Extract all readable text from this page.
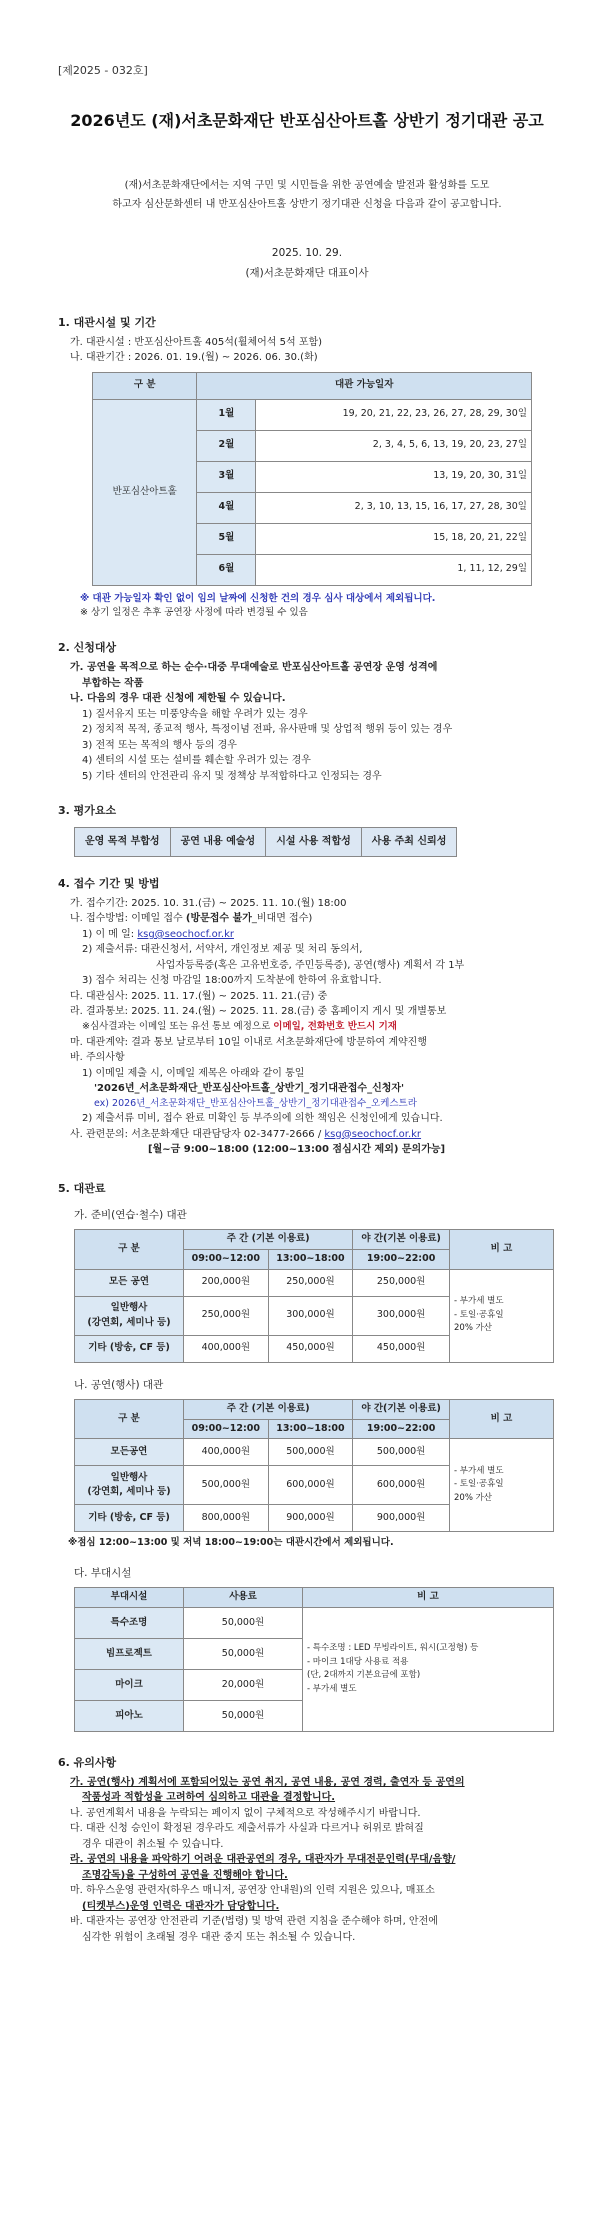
[제2025 - 032호]
2026년도 (재)서초문화재단 반포심산아트홀 상반기 정기대관 공고
(재)서초문화재단에서는 지역 구민 및 시민들을 위한 공연예술 발전과 활성화를 도모
하고자 심산문화센터 내 반포심산아트홀 상반기 정기대관 신청을 다음과 같이 공고합니다.
2025. 10. 29.
(재)서초문화재단 대표이사
1. 대관시설 및 기간

가. 대관시설 : 반포심산아트홀 405석(휠체어석 5석 포함)

나. 대관기간 : 2026. 01. 19.(월) ~ 2026. 06. 30.(화)

구 분	대관 가능일자	
반포심산아트홀	1월	19, 20, 21, 22, 23, 26, 27, 28, 29, 30일
	2월	2, 3, 4, 5, 6, 13, 19, 20, 23, 27일
	3월	13, 19, 20, 30, 31일
	4월	2, 3, 10, 13, 15, 16, 17, 27, 28, 30일
	5월	15, 18, 20, 21, 22일
	6월	1, 11, 12, 29일

※ 대관 가능일자 확인 없이 임의 날짜에 신청한 건의 경우 심사 대상에서 제외됩니다.

※ 상기 일정은 추후 공연장 사정에 따라 변경될 수 있음

2. 신청대상

가. 공연을 목적으로 하는 순수·대중 무대예술로 반포심산아트홀 공연장 운영 성격에

부합하는 작품

나. 다음의 경우 대관 신청에 제한될 수 있습니다.

1) 질서유지 또는 미풍양속을 해할 우려가 있는 경우

2) 정치적 목적, 종교적 행사, 특정이념 전파, 유사판매 및 상업적 행위 등이 있는 경우

3) 전적 또는 목적의 행사 등의 경우

4) 센터의 시설 또는 설비를 훼손할 우려가 있는 경우

5) 기타 센터의 안전관리 유지 및 정책상 부적합하다고 인정되는 경우

3. 평가요소
운영 목적 부합성	공연 내용 예술성	시설 사용 적합성	사용 주최 신뢰성
4. 접수 기간 및 방법

가. 접수기간: 2025. 10. 31.(금) ~ 2025. 11. 10.(월) 18:00

나. 접수방법: 이메일 접수 (방문접수 불가_비대면 접수)

1) 이 메 일: ksg@seochocf.or.kr

2) 제출서류: 대관신청서, 서약서, 개인정보 제공 및 처리 동의서,

사업자등록증(혹은 고유번호증, 주민등록증), 공연(행사) 계획서 각 1부

3) 접수 처리는 신청 마감일 18:00까지 도착분에 한하여 유효합니다.

다. 대관심사: 2025. 11. 17.(월) ~ 2025. 11. 21.(금) 중

라. 결과통보: 2025. 11. 24.(월) ~ 2025. 11. 28.(금) 중 홈페이지 게시 및 개별통보

※심사결과는 이메일 또는 유선 통보 예정으로 이메일, 전화번호 반드시 기재

마. 대관계약: 결과 통보 날로부터 10일 이내로 서초문화재단에 방문하여 계약진행

바. 주의사항

1) 이메일 제출 시, 이메일 제목은 아래와 같이 통일

'2026년_서초문화재단_반포심산아트홀_상반기_정기대관접수_신청자'

ex) 2026년_서초문화재단_반포심산아트홀_상반기_정기대관접수_오케스트라

2) 제출서류 미비, 접수 완료 미확인 등 부주의에 의한 책임은 신청인에게 있습니다.

사. 관련문의: 서초문화재단 대관담당자 02-3477-2666 / ksg@seochocf.or.kr

[월~금 9:00~18:00 (12:00~13:00 점심시간 제외) 문의가능]

5. 대관료
가. 준비(연습·철수) 대관
구 분	주 간 (기본 이용료)		야 간(기본 이용료)	비 고
	09:00~12:00	13:00~18:00	19:00~22:00	
모든 공연	200,000원	250,000원	250,000원	- 부가세 별도
- 토일·공휴일
20% 가산
일반행사
(강연회, 세미나 등)	250,000원	300,000원	300,000원	
기타 (방송, CF 등)	400,000원	450,000원	450,000원	
나. 공연(행사) 대관
구 분	주 간 (기본 이용료)		야 간(기본 이용료)	비 고
	09:00~12:00	13:00~18:00	19:00~22:00	
모든공연	400,000원	500,000원	500,000원	- 부가세 별도
- 토일·공휴일
20% 가산
일반행사
(강연회, 세미나 등)	500,000원	600,000원	600,000원	
기타 (방송, CF 등)	800,000원	900,000원	900,000원	

※점심 12:00~13:00 및 저녁 18:00~19:00는 대관시간에서 제외됩니다.

다. 부대시설
부대시설	사용료	비 고
특수조명	50,000원	- 특수조명 : LED 무빙라이트, 워시(고정형) 등
- 마이크 1대당 사용료 적용
(단, 2대까지 기본요금에 포함)
- 부가세 별도
빔프로젝트	50,000원	
마이크	20,000원	
피아노	50,000원	
6. 유의사항

가. 공연(행사) 계획서에 포함되어있는 공연 취지, 공연 내용, 공연 경력, 출연자 등 공연의

작품성과 적합성을 고려하여 심의하고 대관을 결정합니다.

나. 공연계획서 내용을 누락되는 페이지 없이 구체적으로 작성해주시기 바랍니다.

다. 대관 신청 승인이 확정된 경우라도 제출서류가 사실과 다르거나 허위로 밝혀질

경우 대관이 취소될 수 있습니다.

라. 공연의 내용을 파악하기 어려운 대관공연의 경우, 대관자가 무대전문인력(무대/음향/

조명감독)을 구성하여 공연을 진행해야 합니다.

마. 하우스운영 관련자(하우스 매니저, 공연장 안내원)의 인력 지원은 있으나, 매표소

(티켓부스)운영 인력은 대관자가 담당합니다.

바. 대관자는 공연장 안전관리 기준(법령) 및 방역 관련 지침을 준수해야 하며, 안전에

심각한 위험이 초래될 경우 대관 중지 또는 취소될 수 있습니다.
